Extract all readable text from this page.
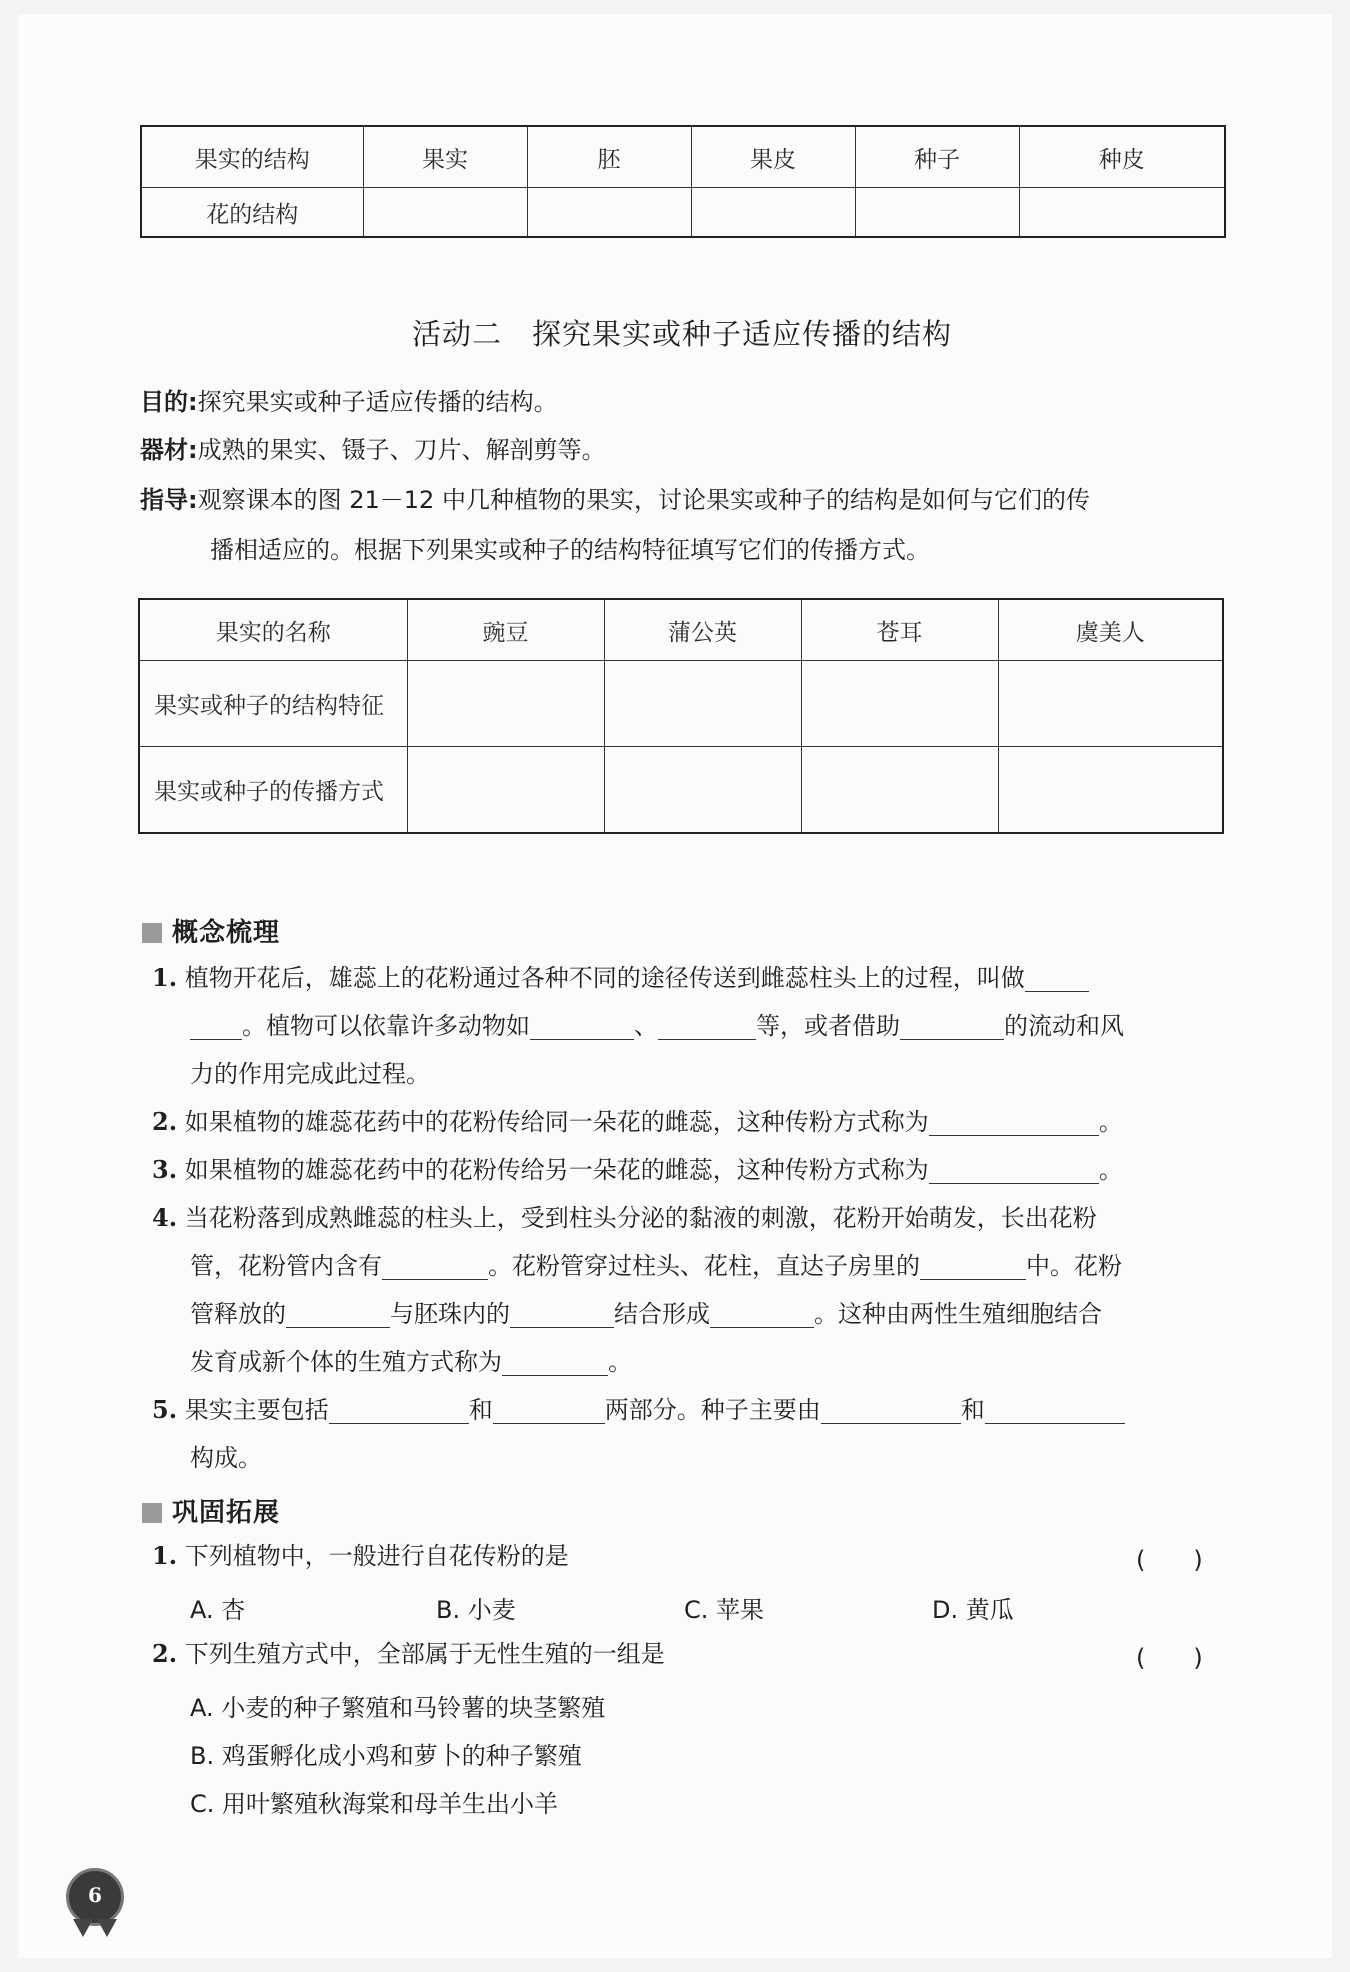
果实的结构	果实	胚	果皮	种子	种皮
花的结构					
活动二 探究果实或种子适应传播的结构
目的:探究果实或种子适应传播的结构。
器材:成熟的果实、镊子、刀片、解剖剪等。
指导:观察课本的图 21－12 中几种植物的果实，讨论果实或种子的结构是如何与它们的传
播相适应的。根据下列果实或种子的结构特征填写它们的传播方式。
果实的名称	豌豆	蒲公英	苍耳	虞美人
果实或种子的结构特征				
果实或种子的传播方式				
概念梳理
1. 植物开花后，雄蕊上的花粉通过各种不同的途径传送到雌蕊柱头上的过程，叫做
。植物可以依靠许多动物如	、	等，或者借助	的流动和风
力的作用完成此过程。
2. 如果植物的雄蕊花药中的花粉传给同一朵花的雌蕊，这种传粉方式称为	。
3. 如果植物的雄蕊花药中的花粉传给另一朵花的雌蕊，这种传粉方式称为	。
4. 当花粉落到成熟雌蕊的柱头上，受到柱头分泌的黏液的刺激，花粉开始萌发，长出花粉
管，花粉管内含有	。花粉管穿过柱头、花柱，直达子房里的	中。花粉
管释放的	与胚珠内的	结合形成	。这种由两性生殖细胞结合
发育成新个体的生殖方式称为	。
5. 果实主要包括	和	两部分。种子主要由	和
构成。
巩固拓展
1. 下列植物中，一般进行自花传粉的是	(　　)
A. 杏	B. 小麦	C. 苹果	D. 黄瓜
2. 下列生殖方式中，全部属于无性生殖的一组是	(　　)
A. 小麦的种子繁殖和马铃薯的块茎繁殖
B. 鸡蛋孵化成小鸡和萝卜的种子繁殖
C. 用叶繁殖秋海棠和母羊生出小羊
6
